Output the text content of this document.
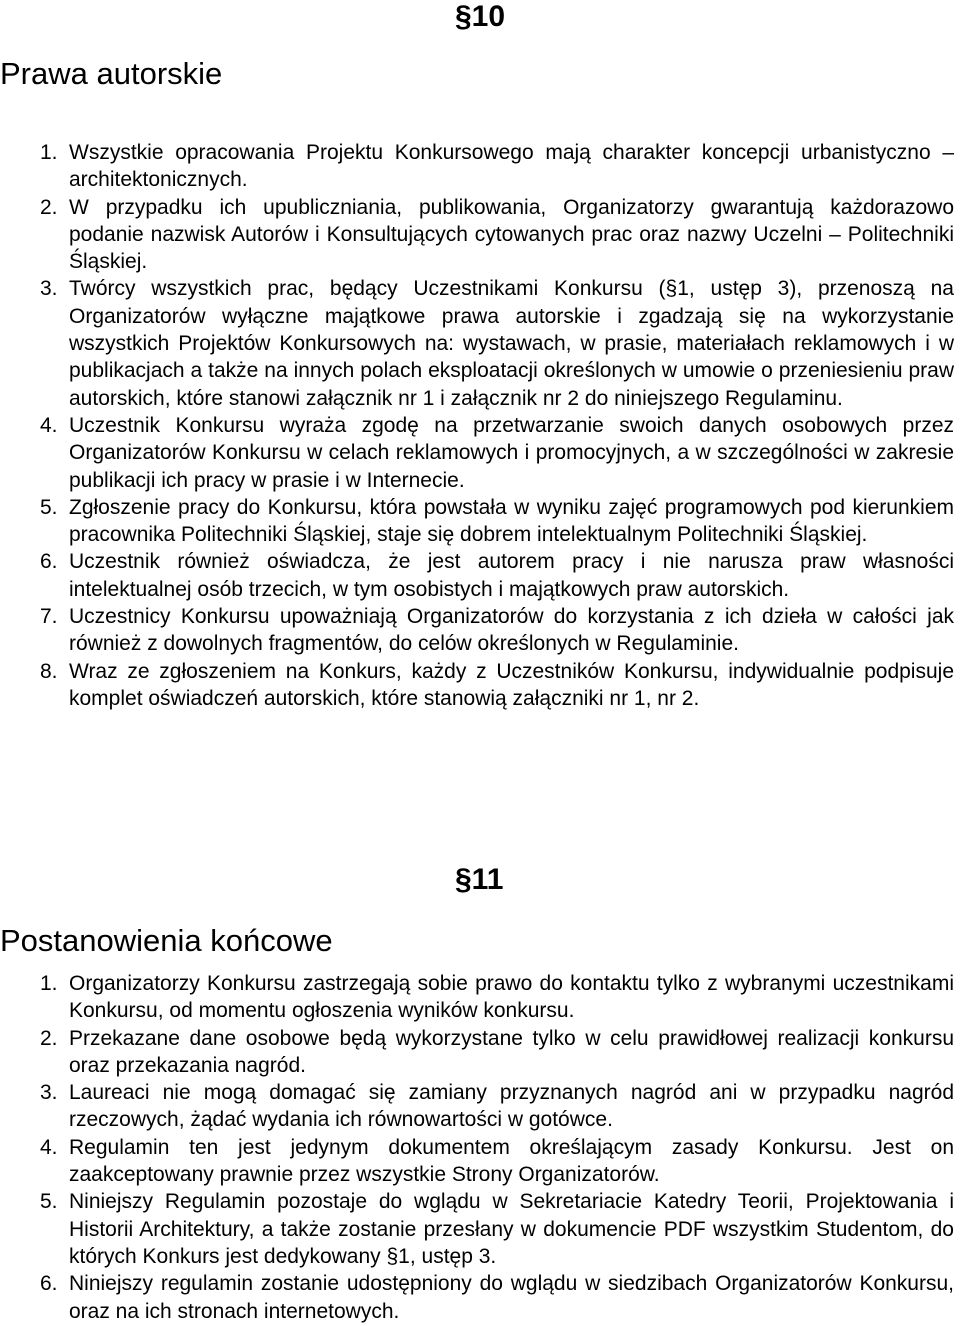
§10
Prawa autorskie
1. Wszystkie opracowania Projektu Konkursowego mają charakter koncepcji urbanistyczno – architektonicznych.
2. W przypadku ich upubliczniania, publikowania, Organizatorzy gwarantują każdorazowo podanie nazwisk Autorów i Konsultujących cytowanych prac oraz nazwy Uczelni – Politechniki Śląskiej.
3. Twórcy wszystkich prac, będący Uczestnikami Konkursu (§1, ustęp 3), przenoszą na Organizatorów wyłączne majątkowe prawa autorskie i zgadzają się na wykorzystanie wszystkich Projektów Konkursowych na: wystawach, w prasie, materiałach reklamowych i w publikacjach a także na innych polach eksploatacji określonych w umowie o przeniesieniu praw autorskich, które stanowi załącznik nr 1 i załącznik nr 2 do niniejszego Regulaminu.
4. Uczestnik Konkursu wyraża zgodę na przetwarzanie swoich danych osobowych przez Organizatorów Konkursu w celach reklamowych i promocyjnych, a w szczególności w zakresie publikacji ich pracy w prasie i w Internecie.
5. Zgłoszenie pracy do Konkursu, która powstała w wyniku zajęć programowych pod kierunkiem pracownika Politechniki Śląskiej, staje się dobrem intelektualnym Politechniki Śląskiej.
6. Uczestnik również oświadcza, że jest autorem pracy i nie narusza praw własności intelektualnej osób trzecich, w tym osobistych i majątkowych praw autorskich.
7. Uczestnicy Konkursu upoważniają Organizatorów do korzystania z ich dzieła w całości jak również z dowolnych fragmentów, do celów określonych w Regulaminie.
8. Wraz ze zgłoszeniem na Konkurs, każdy z Uczestników Konkursu, indywidualnie podpisuje komplet oświadczeń autorskich, które stanowią załączniki nr 1, nr 2.
§11
Postanowienia końcowe
1. Organizatorzy Konkursu zastrzegają sobie prawo do kontaktu tylko z wybranymi uczestnikami Konkursu, od momentu ogłoszenia wyników konkursu.
2. Przekazane dane osobowe będą wykorzystane tylko w celu prawidłowej realizacji konkursu oraz przekazania nagród.
3. Laureaci nie mogą domagać się zamiany przyznanych nagród ani w przypadku nagród rzeczowych, żądać wydania ich równowartości w gotówce.
4. Regulamin ten jest jedynym dokumentem określającym zasady Konkursu. Jest on zaakceptowany prawnie przez wszystkie Strony Organizatorów.
5. Niniejszy Regulamin pozostaje do wglądu w Sekretariacie Katedry Teorii, Projektowania i Historii Architektury, a także zostanie przesłany w dokumencie PDF wszystkim Studentom, do których Konkurs jest dedykowany §1, ustęp 3.
6. Niniejszy regulamin zostanie udostępniony do wglądu w siedzibach Organizatorów Konkursu, oraz na ich stronach internetowych.
